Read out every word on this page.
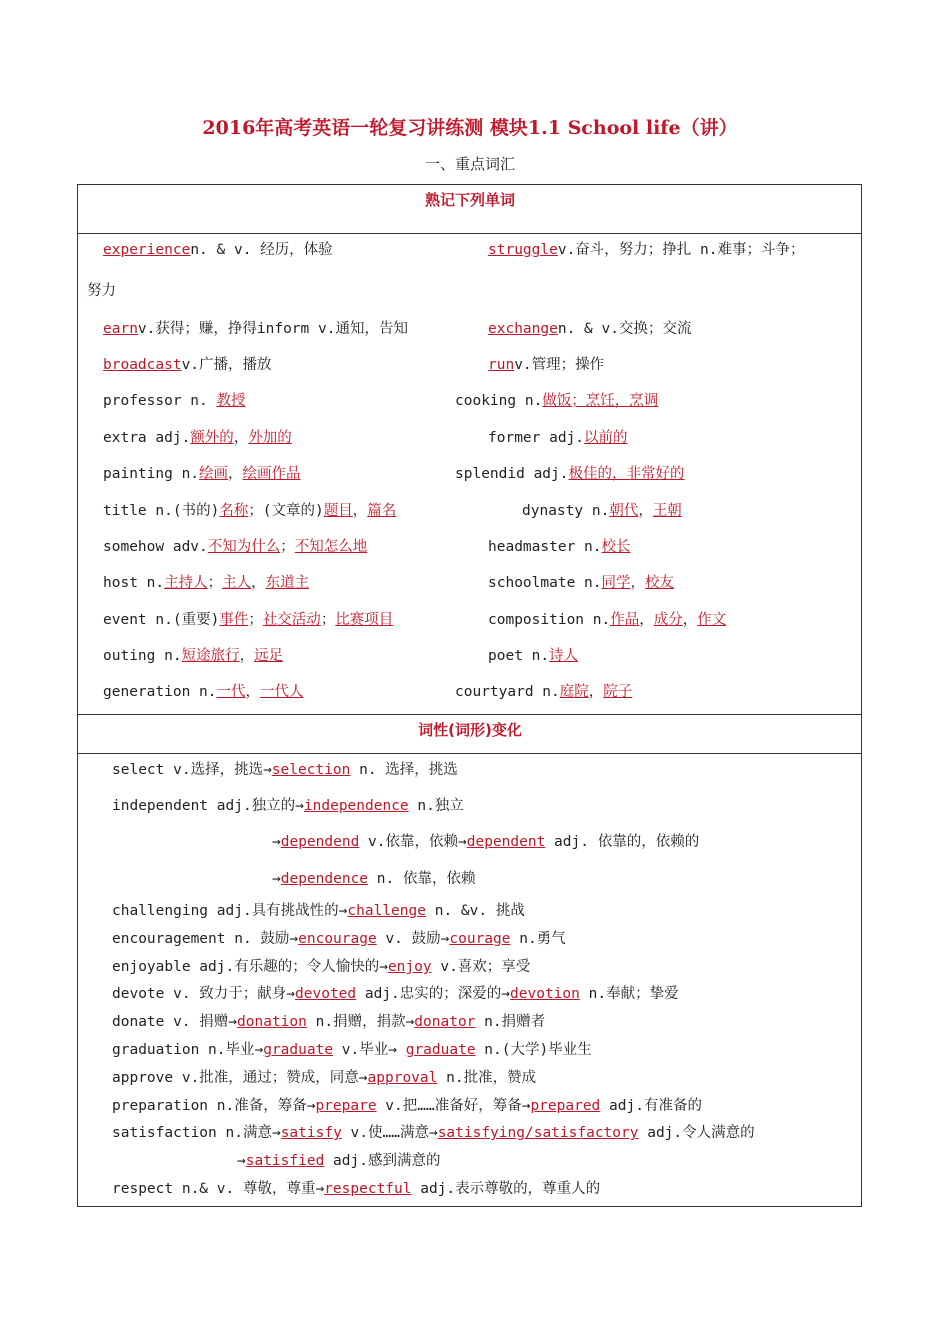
2016年高考英语一轮复习讲练测 模块1.1 School life（讲）
一、重点词汇
熟记下列单词
词性(词形)变化
experiencen. & v. 经历，体验
earnv.获得；赚，挣得inform v.通知，告知
broadcastv.广播，播放
professor n. 教授
extra adj.额外的，外加的
painting n.绘画，绘画作品
title n.(书的)名称；(文章的)题目，篇名
somehow adv.不知为什么；不知怎么地
host n.主持人；主人，东道主
event n.(重要)事件；社交活动；比赛项目
outing n.短途旅行，远足
generation n.一代，一代人
strugglev.奋斗，努力；挣扎 n.难事；斗争；
exchangen. & v.交换；交流
runv.管理；操作
cooking n.做饭；烹饪，烹调
former adj.以前的
splendid adj.极佳的，非常好的
dynasty n.朝代，王朝
headmaster n.校长
schoolmate n.同学，校友
composition n.作品，成分，作文
poet n.诗人
courtyard n.庭院，院子
努力
select v.选择，挑选→selection n. 选择，挑选
independent adj.独立的→independence n.独立
→dependend v.依靠，依赖→dependent adj. 依靠的，依赖的
→dependence n. 依靠，依赖
challenging adj.具有挑战性的→challenge n. &v. 挑战
encouragement n. 鼓励→encourage v. 鼓励→courage n.勇气
enjoyable adj.有乐趣的；令人愉快的→enjoy v.喜欢；享受
devote v. 致力于；献身→devoted adj.忠实的；深爱的→devotion n.奉献；挚爱
donate v. 捐赠→donation n.捐赠，捐款→donator n.捐赠者
graduation n.毕业→graduate v.毕业→ graduate n.(大学)毕业生
approve v.批准，通过；赞成，同意→approval n.批准，赞成
preparation n.准备，筹备→prepare v.把……准备好，筹备→prepared adj.有准备的
satisfaction n.满意→satisfy v.使……满意→satisfying/satisfactory adj.令人满意的
→satisfied adj.感到满意的
respect n.& v. 尊敬，尊重→respectful adj.表示尊敬的，尊重人的
